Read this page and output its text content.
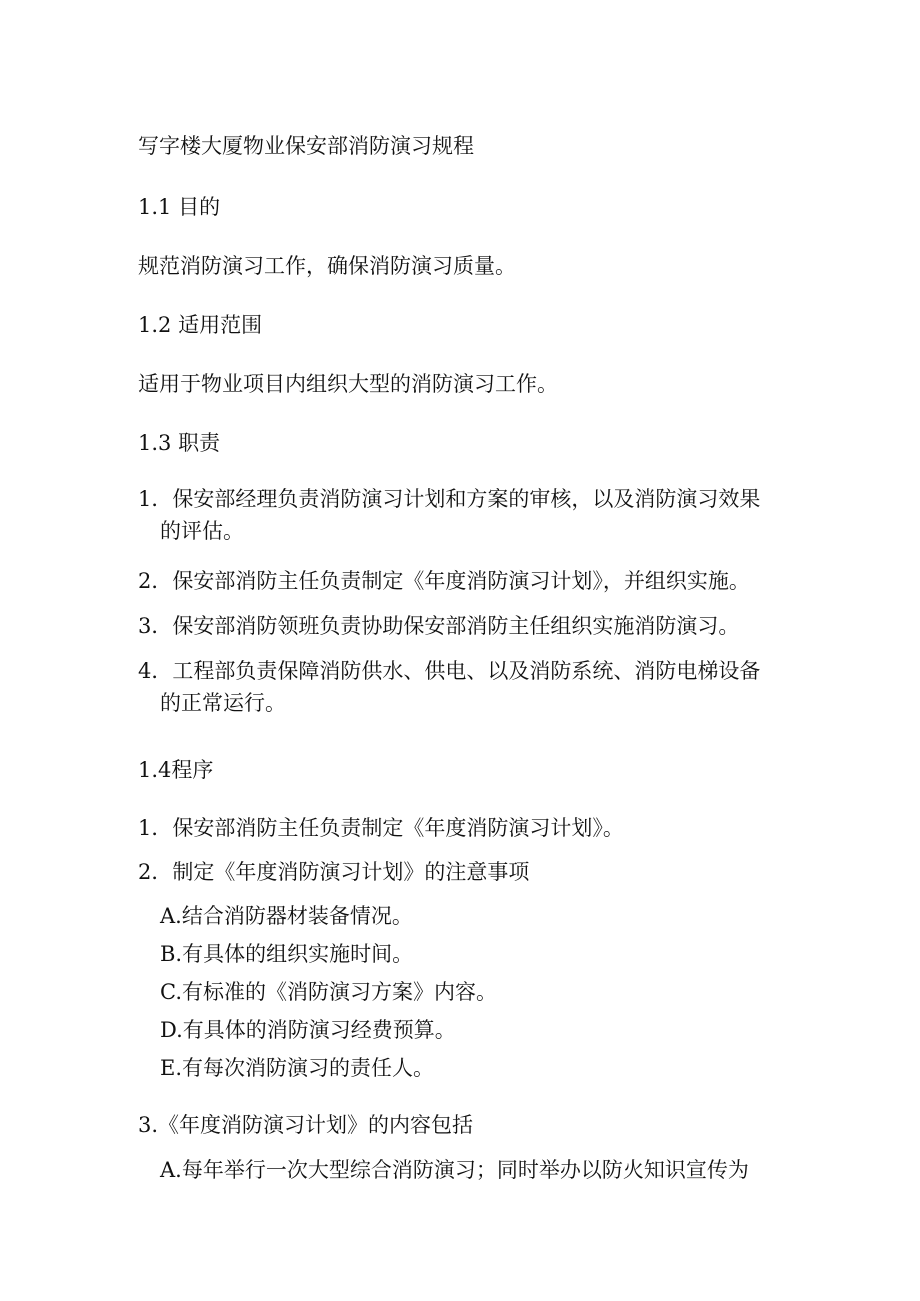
写字楼大厦物业保安部消防演习规程
1.1 目的
规范消防演习工作，确保消防演习质量。
1.2 适用范围
适用于物业项目内组织大型的消防演习工作。
1.3 职责
1．保安部经理负责消防演习计划和方案的审核，以及消防演习效果
的评估。
2．保安部消防主任负责制定《年度消防演习计划》，并组织实施。
3．保安部消防领班负责协助保安部消防主任组织实施消防演习。
4．工程部负责保障消防供水、供电、以及消防系统、消防电梯设备
的正常运行。
1.4程序
1．保安部消防主任负责制定《年度消防演习计划》。
2．制定《年度消防演习计划》的注意事项
A.结合消防器材装备情况。
B.有具体的组织实施时间。
C.有标准的《消防演习方案》内容。
D.有具体的消防演习经费预算。
E.有每次消防演习的责任人。
3.《年度消防演习计划》的内容包括
A.每年举行一次大型综合消防演习；同时举办以防火知识宣传为
